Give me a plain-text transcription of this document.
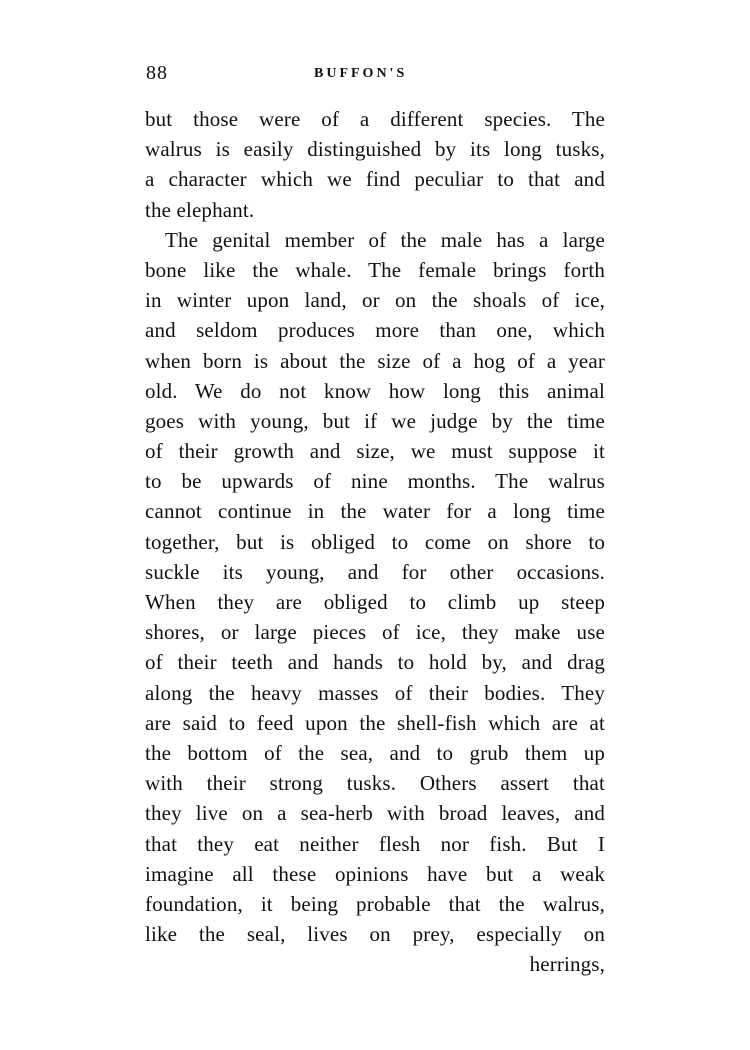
88	BUFFON'S
but those were of a different species. The
walrus is easily distinguished by its long tusks,
a character which we find peculiar to that and
the elephant.
The genital member of the male has a large
bone like the whale. The female brings forth
in winter upon land, or on the shoals of ice,
and seldom produces more than one, which
when born is about the size of a hog of a year
old. We do not know how long this animal
goes with young, but if we judge by the time
of their growth and size, we must suppose it
to be upwards of nine months. The walrus
cannot continue in the water for a long time
together, but is obliged to come on shore to
suckle its young, and for other occasions.
When they are obliged to climb up steep
shores, or large pieces of ice, they make use
of their teeth and hands to hold by, and drag
along the heavy masses of their bodies. They
are said to feed upon the shell-fish which are at
the bottom of the sea, and to grub them up
with their strong tusks. Others assert that
they live on a sea-herb with broad leaves, and
that they eat neither flesh nor fish. But I
imagine all these opinions have but a weak
foundation, it being probable that the walrus,
like the seal, lives on prey, especially on
herrings,
